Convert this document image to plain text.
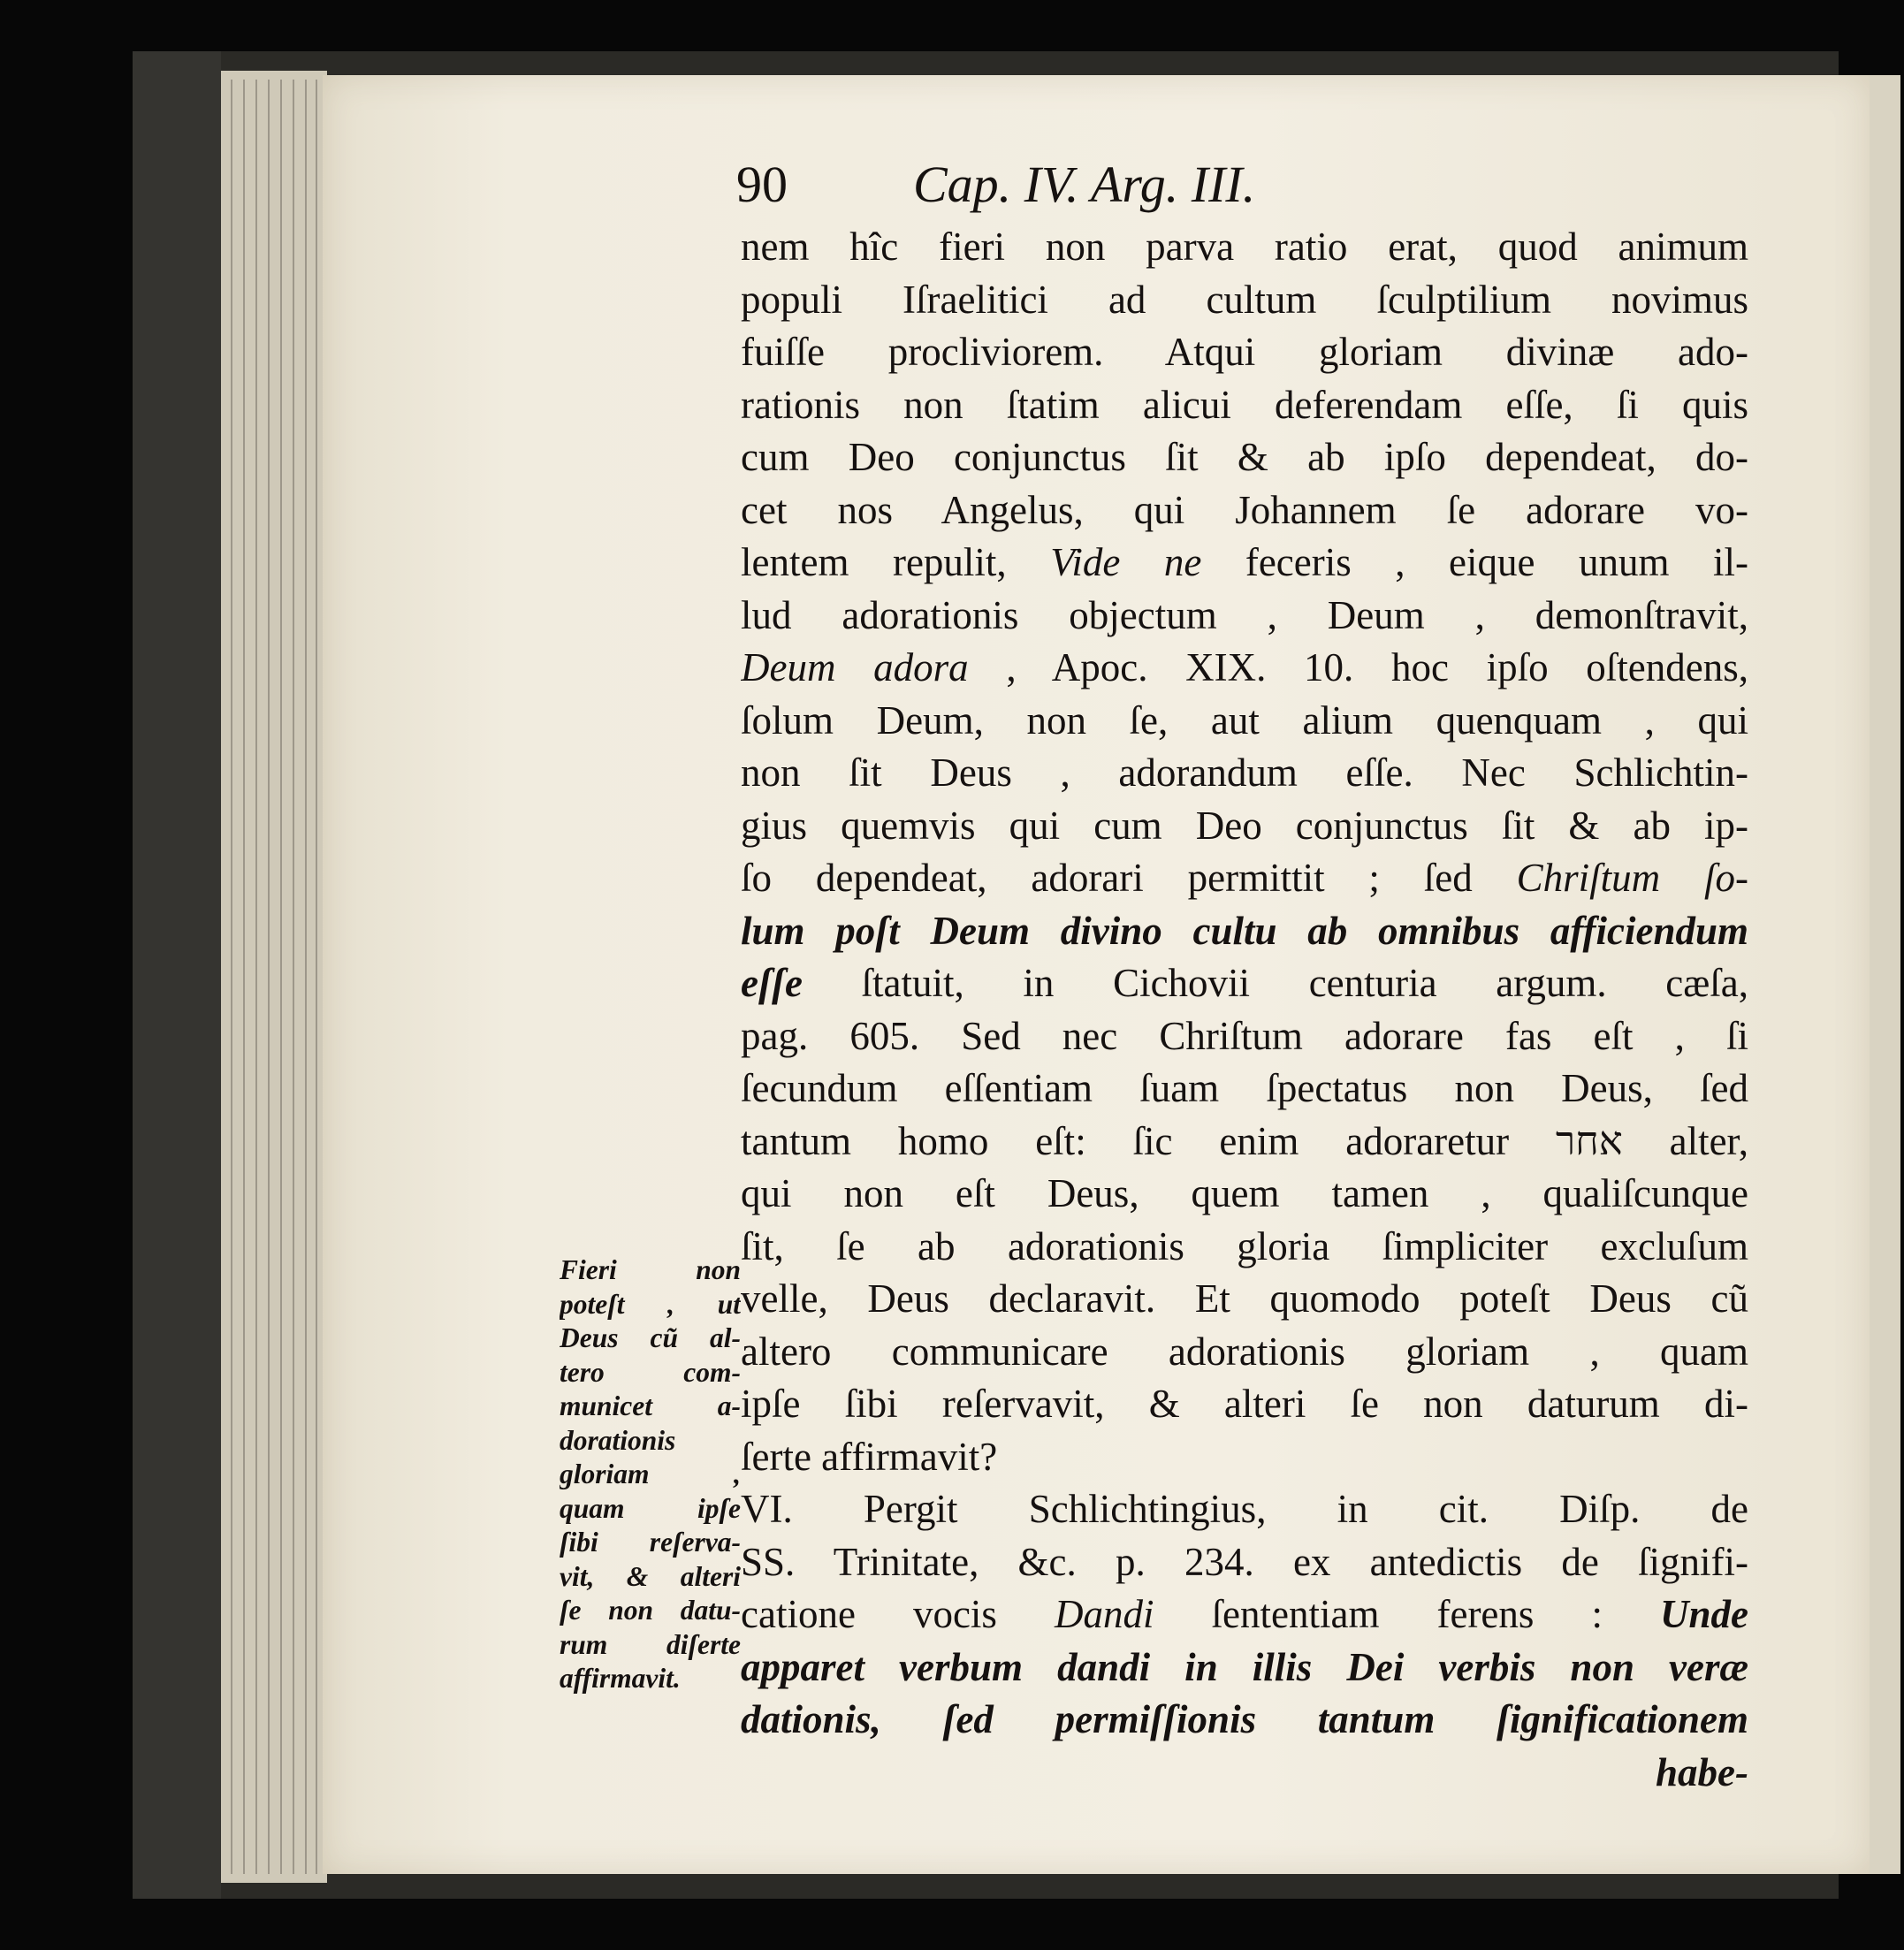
90 Cap. IV. Arg. III.
nem hîc fieri non parva ratio erat, quod animum
populi Iſraelitici ad cultum ſculptilium novimus
fuiſſe procliviorem. Atqui gloriam divinæ ado-
rationis non ſtatim alicui deferendam eſſe, ſi quis
cum Deo conjunctus ſit & ab ipſo dependeat, do-
cet nos Angelus, qui Johannem ſe adorare vo-
lentem repulit, Vide ne feceris , eique unum il-
lud adorationis objectum , Deum , demonſtravit,
Deum adora , Apoc. XIX. 10. hoc ipſo oſtendens,
ſolum Deum, non ſe, aut alium quenquam , qui
non ſit Deus , adorandum eſſe. Nec Schlichtin-
gius quemvis qui cum Deo conjunctus ſit & ab ip-
ſo dependeat, adorari permittit ; ſed Chriſtum ſo-
lum poſt Deum divino cultu ab omnibus afficiendum
eſſe ſtatuit, in Cichovii centuria argum. cæſa,
pag. 605. Sed nec Chriſtum adorare fas eſt , ſi
ſecundum eſſentiam ſuam ſpectatus non Deus, ſed
tantum homo eſt: ſic enim adoraretur אחר alter,
qui non eſt Deus, quem tamen , qualiſcunque
ſit, ſe ab adorationis gloria ſimpliciter excluſum
velle, Deus declaravit. Et quomodo poteſt Deus cũ
altero communicare adorationis gloriam , quam
ipſe ſibi reſervavit, & alteri ſe non daturum di-
ſerte affirmavit?
VI. Pergit Schlichtingius, in cit. Diſp. de
SS. Trinitate, &c. p. 234. ex antedictis de ſignifi-
catione vocis Dandi ſententiam ferens : Unde
apparet verbum dandi in illis Dei verbis non veræ
dationis, ſed permiſſionis tantum ſignificationem
habe-
Fieri non
poteſt , ut
Deus cũ al-
tero com-
municet a-
dorationis
gloriam ,
quam ipſe
ſibi reſerva-
vit, & alteri
ſe non datu-
rum diſerte
affirmavit.
